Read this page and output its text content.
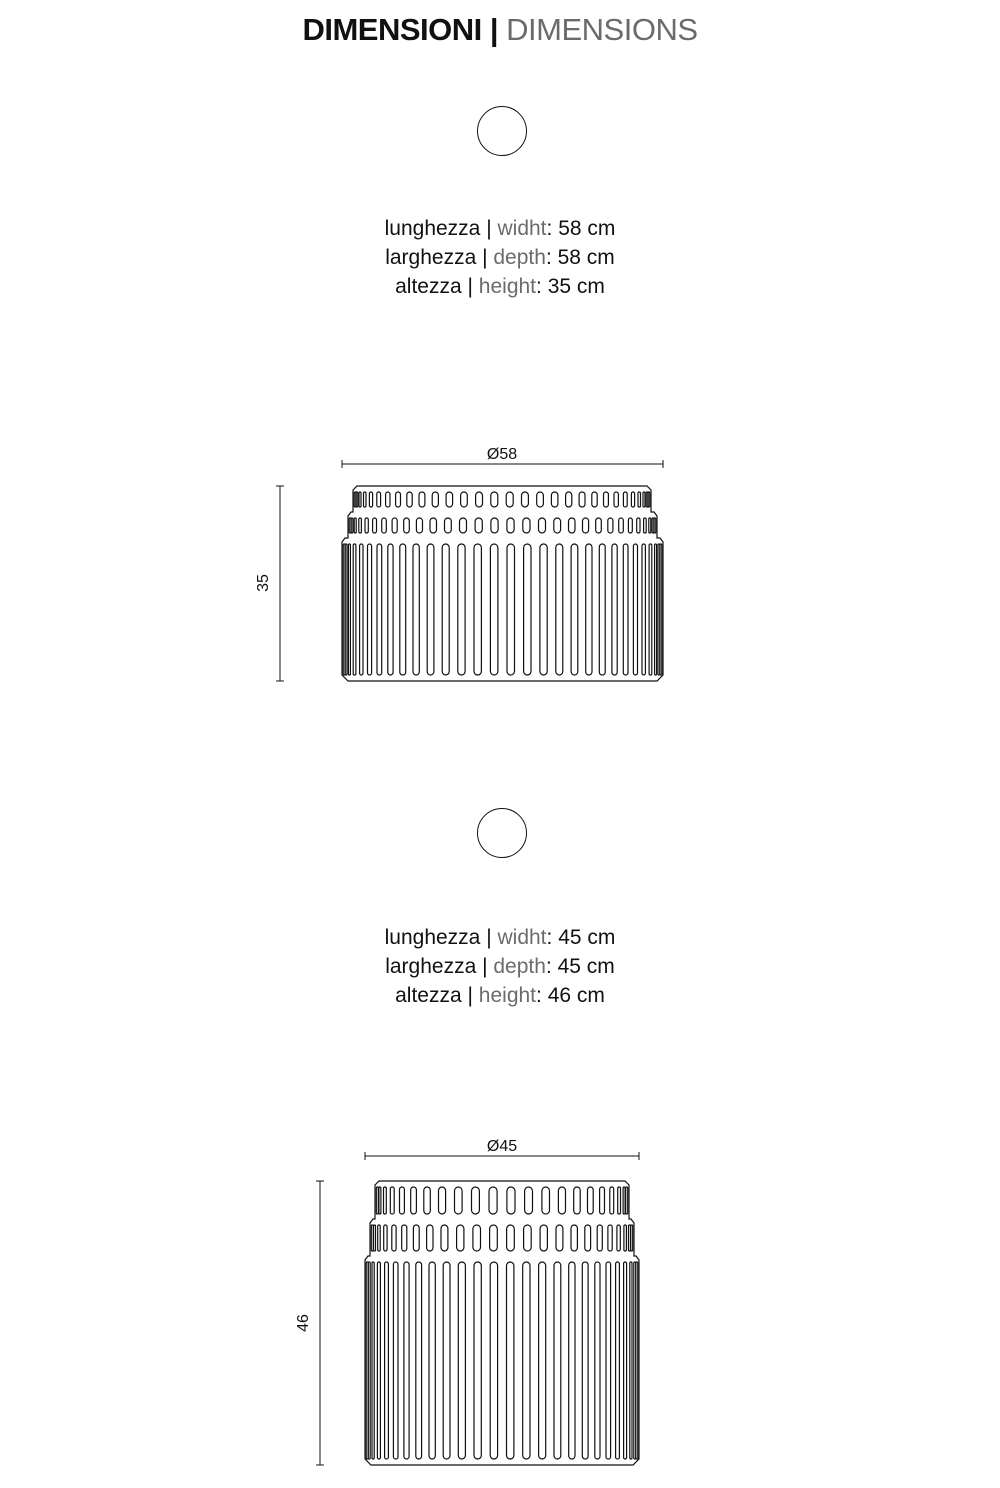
DIMENSIONI | DIMENSIONS
lunghezza | widht: 58 cm
larghezza | depth: 58 cm
altezza | height: 35 cm
Ø58
35
Ø45
46
lunghezza | widht: 45 cm
larghezza | depth: 45 cm
altezza | height: 46 cm
